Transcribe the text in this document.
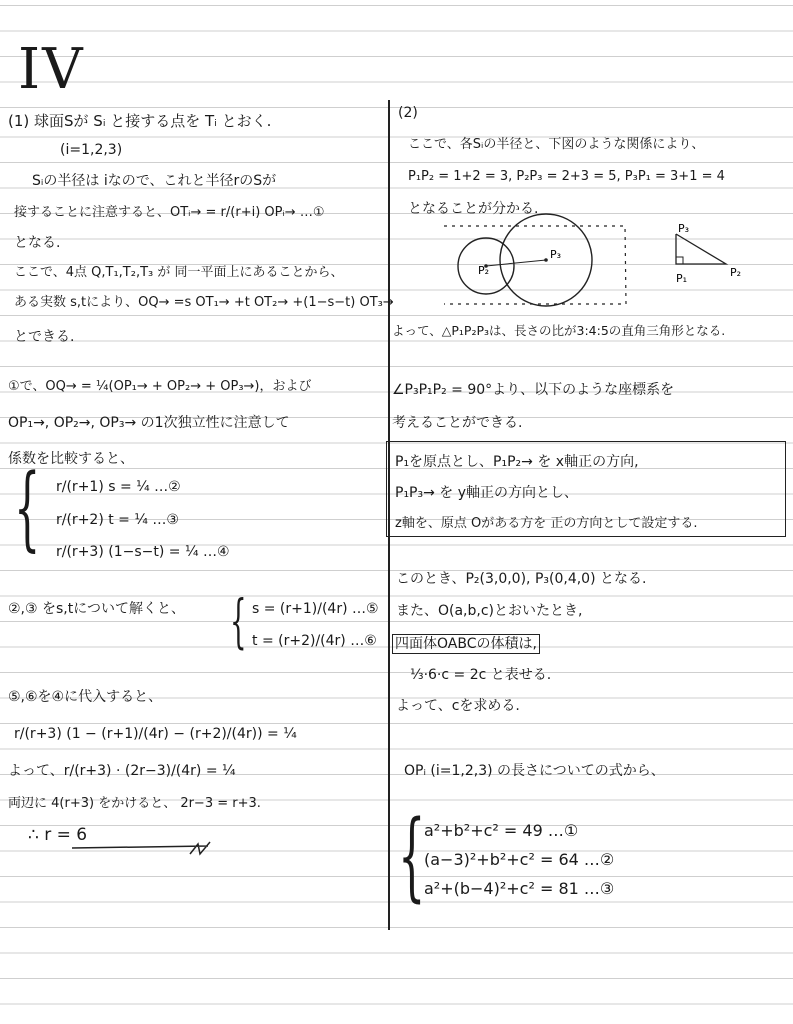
IV
(1) 球面Sが Sᵢ と接する点を Tᵢ とおく.
(i=1,2,3)
Sᵢの半径は iなので、これと半径rのSが
接することに注意すると、OTᵢ→ = r/(r+i) OPᵢ→ …①
となる.
ここで、4点 Q,T₁,T₂,T₃ が 同一平面上にあることから、
ある実数 s,tにより、OQ→ =s OT₁→ +t OT₂→ +(1−s−t) OT₃→
とできる.
①で、OQ→ = ¼(OP₁→ + OP₂→ + OP₃→)，および
OP₁→, OP₂→, OP₃→ の1次独立性に注意して
係数を比較すると、
{ r/(r+1) s = ¼ …②
r/(r+2) t = ¼ …③
r/(r+3) (1−s−t) = ¼ …④
②,③ をs,tについて解くと、 { s = (r+1)/(4r) …⑤
t = (r+2)/(4r) …⑥
⑤,⑥を④に代入すると、
r/(r+3) (1 − (r+1)/(4r) − (r+2)/(4r)) = ¼
よって、r/(r+3) · (2r−3)/(4r) = ¼
両辺に 4(r+3) をかけると、 2r−3 = r+3.
∴ r = 6
(2)
ここで、各Sᵢの半径と、下図のような関係により、
P₁P₂ = 1+2 = 3, P₂P₃ = 2+3 = 5, P₃P₁ = 3+1 = 4
となることが分かる.
P₂
P₃
P₃
P₁	P₂
よって、△P₁P₂P₃は、長さの比が3:4:5の直角三角形となる.
∠P₃P₁P₂ = 90°より、以下のような座標系を
考えることができる.
P₁を原点とし、P₁P₂→ を x軸正の方向,
P₁P₃→ を y軸正の方向とし、
z軸を、原点 Oがある方を 正の方向として設定する.
このとき、P₂(3,0,0), P₃(0,4,0) となる.
また、O(a,b,c)とおいたとき,
四面体OABCの体積は,
⅓·6·c = 2c と表せる.
よって、cを求める.
OPᵢ (i=1,2,3) の長さについての式から、
{
a²+b²+c² = 49 …①
(a−3)²+b²+c² = 64 …②
a²+(b−4)²+c² = 81 …③
